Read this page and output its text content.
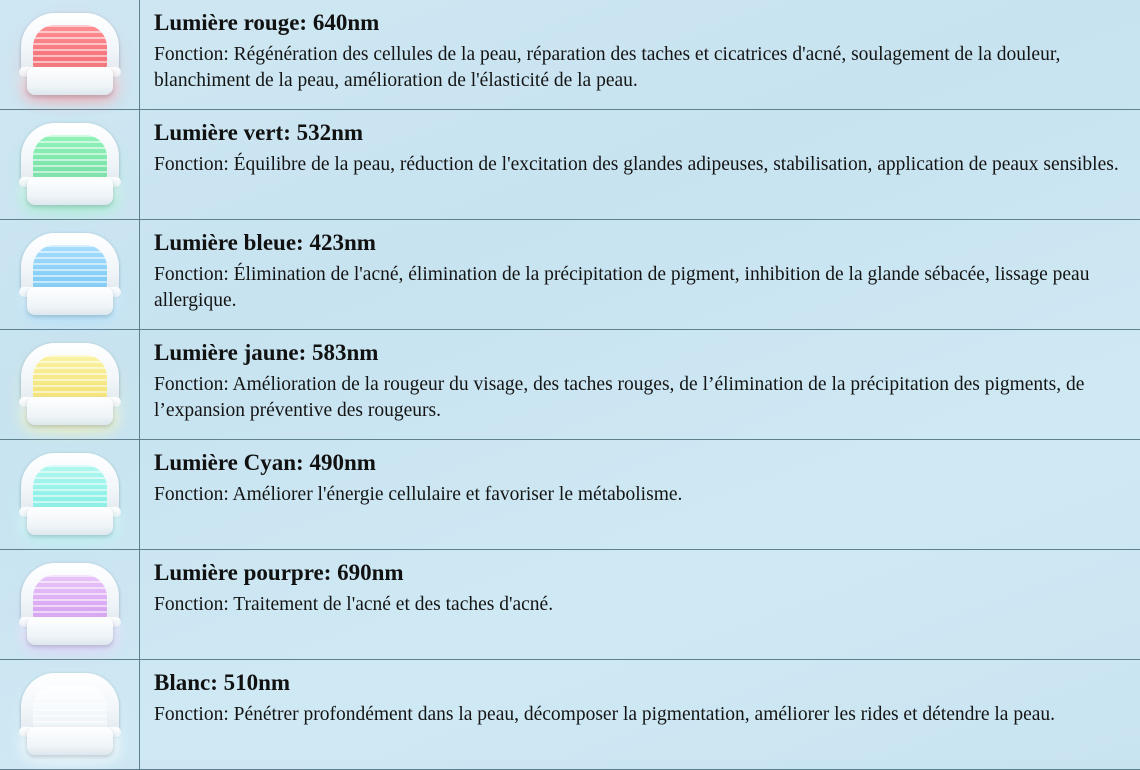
Lumière rouge: 640nm
Fonction: Régénération des cellules de la peau, réparation des taches et cicatrices d'acné, soulagement de la douleur, blanchiment de la peau, amélioration de l'élasticité de la peau.
Lumière vert: 532nm
Fonction: Équilibre de la peau, réduction de l'excitation des glandes adipeuses, stabilisation, application de peaux sensibles.
Lumière bleue: 423nm
Fonction: Élimination de l'acné, élimination de la précipitation de pigment, inhibition de la glande sébacée, lissage peau allergique.
Lumière jaune: 583nm
Fonction: Amélioration de la rougeur du visage, des taches rouges, de l’élimination de la précipitation des pigments, de l’expansion préventive des rougeurs.
Lumière Cyan: 490nm
Fonction: Améliorer l'énergie cellulaire et favoriser le métabolisme.
Lumière pourpre: 690nm
Fonction: Traitement de l'acné et des taches d'acné.
Blanc: 510nm
Fonction: Pénétrer profondément dans la peau, décomposer la pigmentation, améliorer les rides et détendre la peau.
